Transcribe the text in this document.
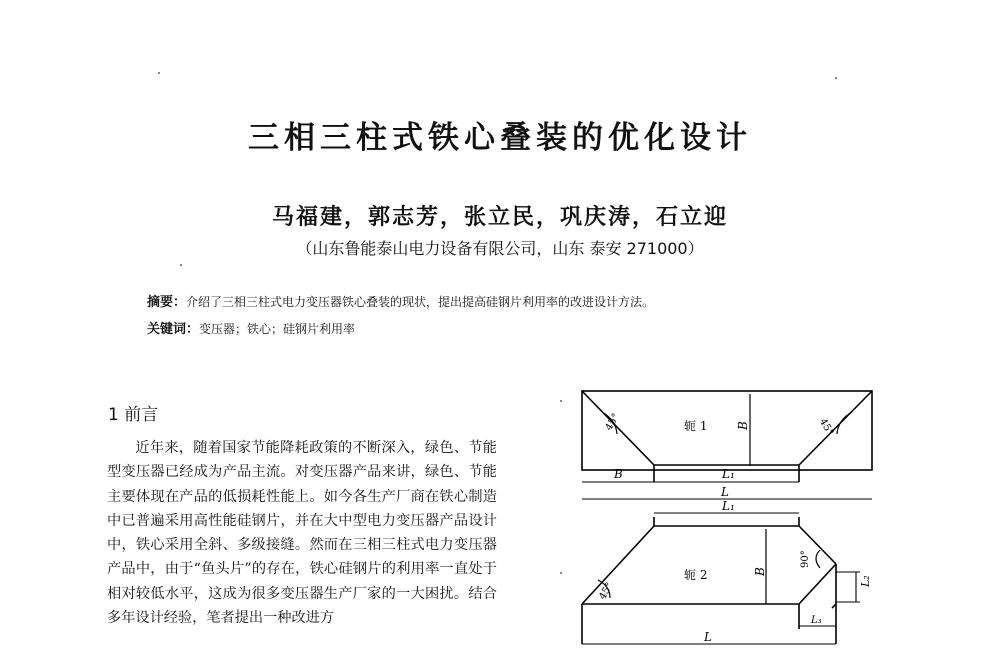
三相三柱式铁心叠装的优化设计
马福建，郭志芳，张立民，巩庆涛，石立迎
（山东鲁能泰山电力设备有限公司，山东 泰安 271000）
摘要：介绍了三相三柱式电力变压器铁心叠装的现状，提出提高硅钢片利用率的改进设计方法。
关键词：变压器；铁心；硅钢片利用率
1 前言
近年来，随着国家节能降耗政策的不断深入，绿色、节能型变压器已经成为产品主流。对变压器产品来讲，绿色、节能主要体现在产品的低损耗性能上。如今各生产厂商在铁心制造中已普遍采用高性能硅钢片，并在大中型电力变压器产品设计中，铁心采用全斜、多级接缝。然而在三相三柱式电力变压器产品中，由于“鱼头片”的存在，铁心硅钢片的利用率一直处于相对较低水平，这成为很多变压器生产厂家的一大困扰。结合多年设计经验，笔者提出一种改进方
轭 1
轭 2
B
B
B	L₁
L
L₁
L
L₃
L₂
45°	45°
45°
90°
